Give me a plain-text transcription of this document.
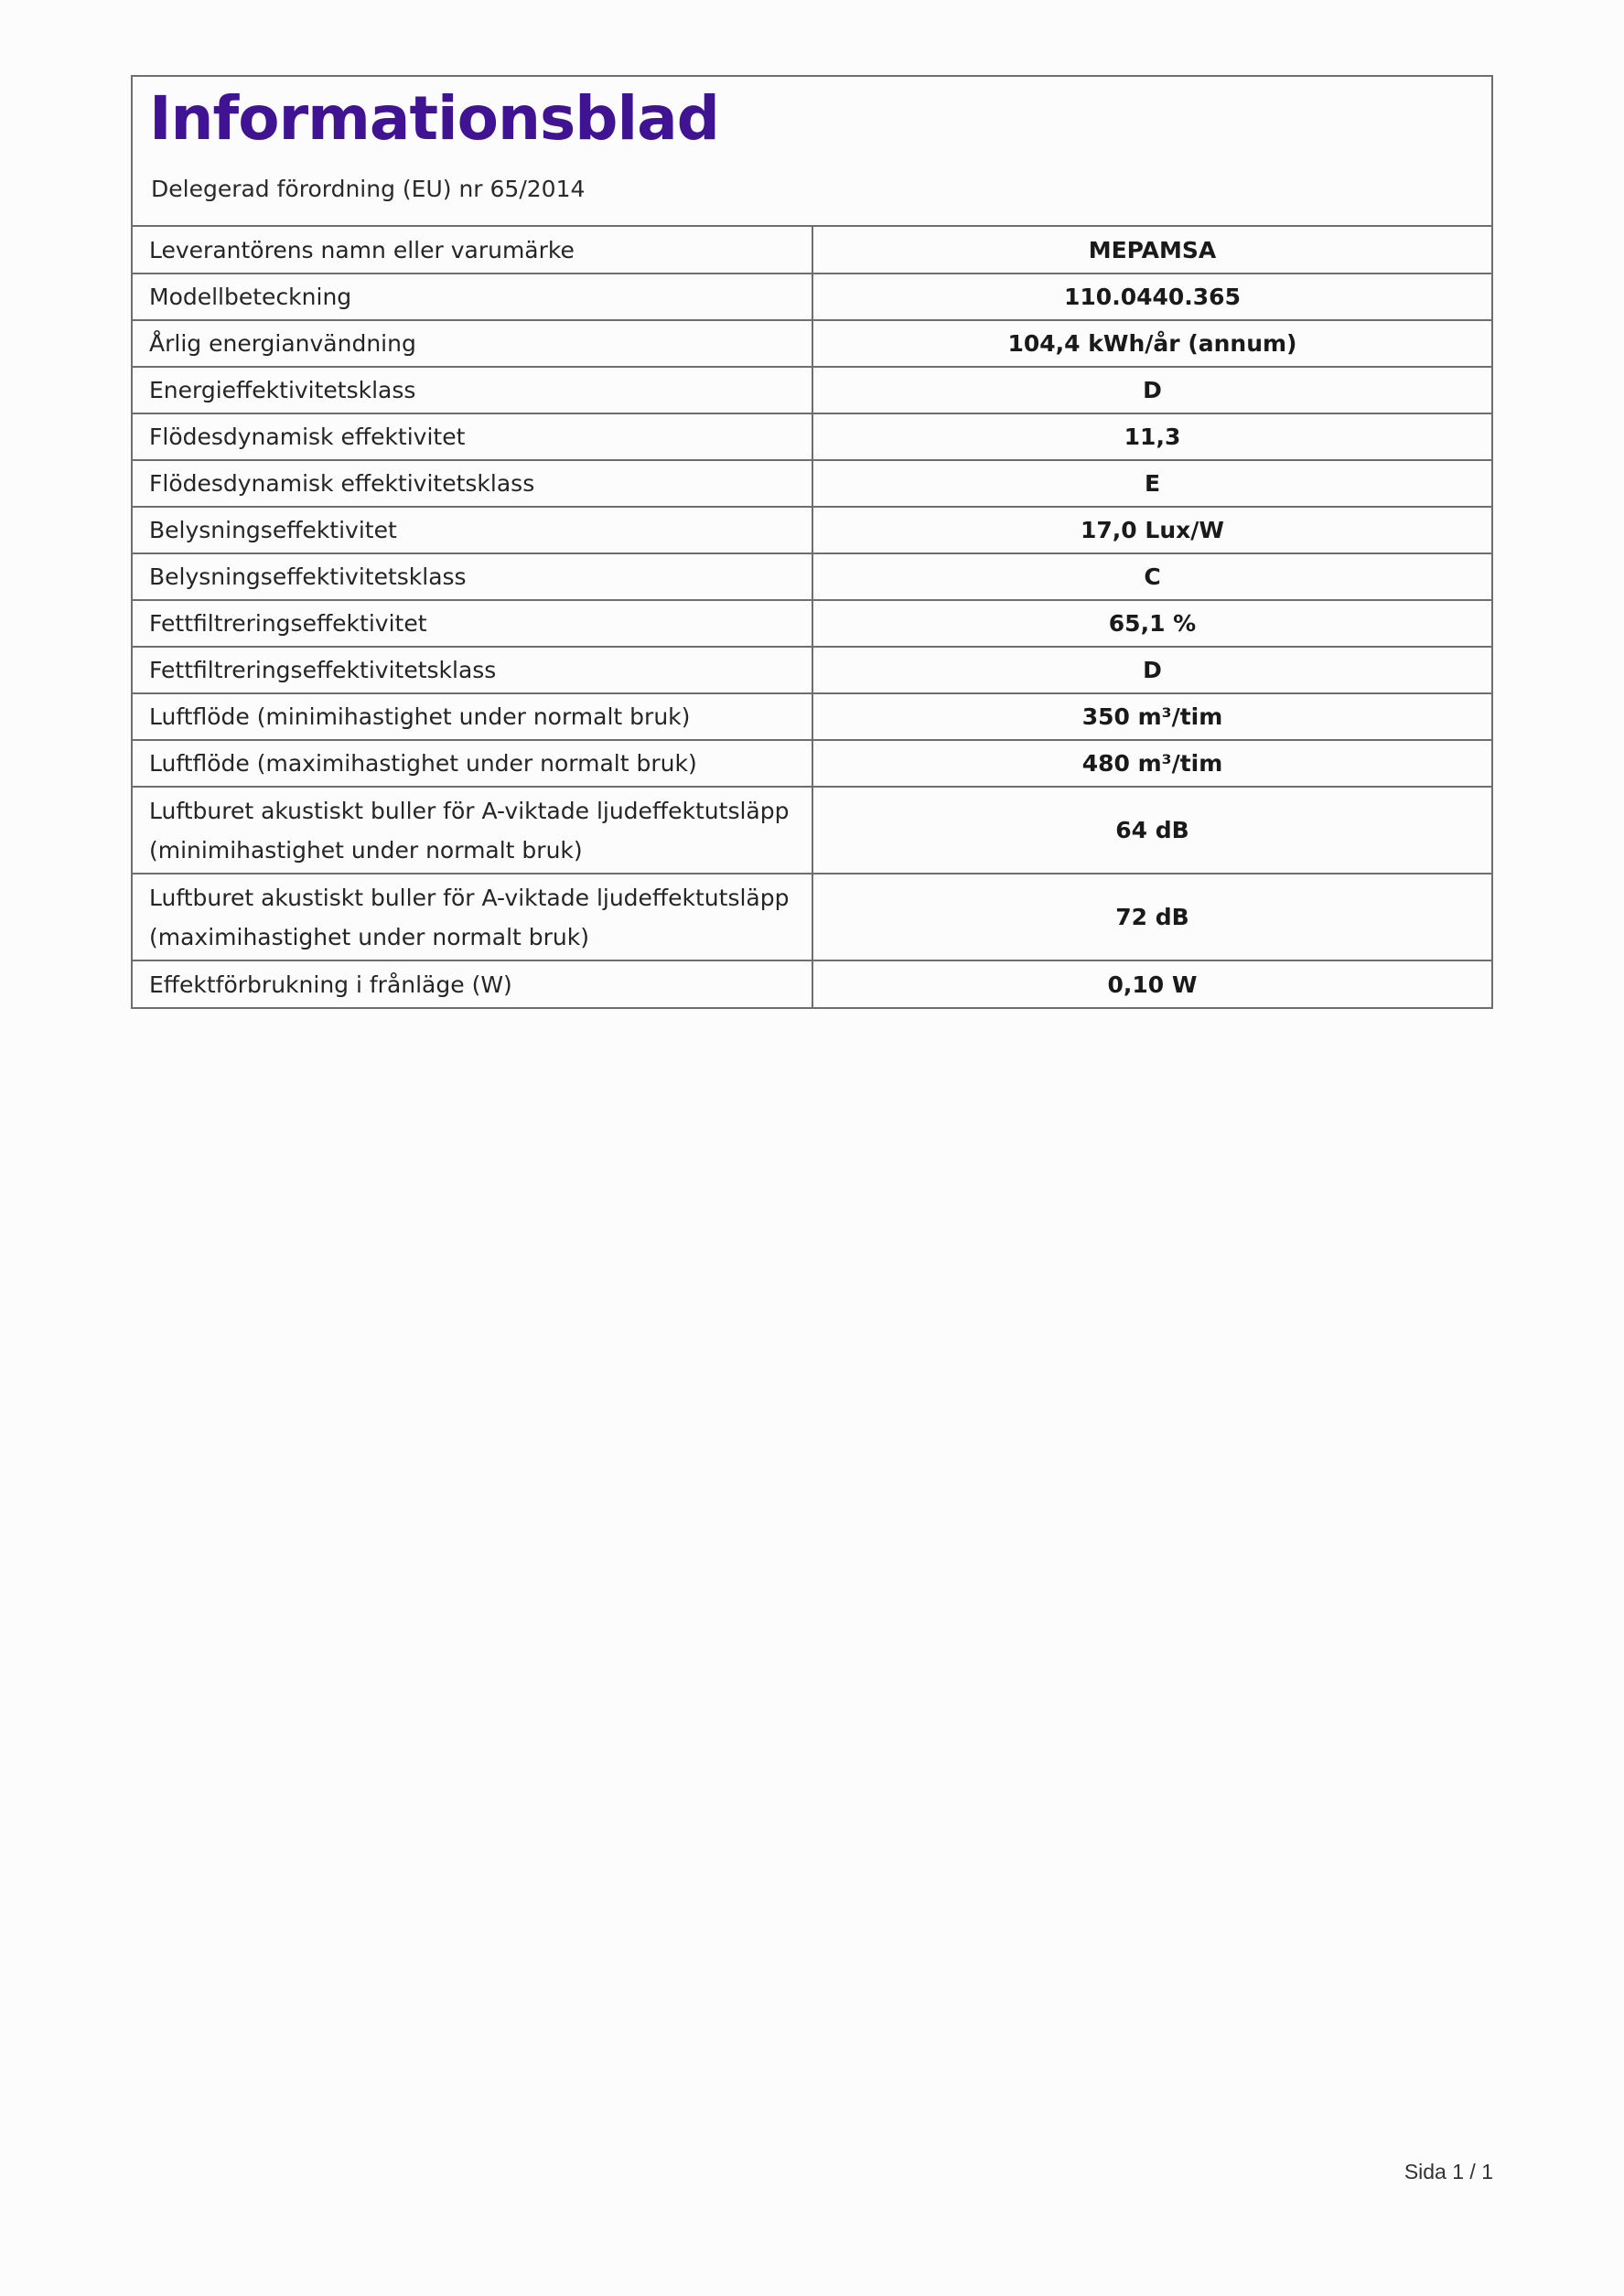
Informationsblad
Delegerad förordning (EU) nr 65/2014
Leverantörens namn eller varumärke	MEPAMSA
Modellbeteckning	110.0440.365
Årlig energianvändning	104,4 kWh/år (annum)
Energieffektivitetsklass	D
Flödesdynamisk effektivitet	11,3
Flödesdynamisk effektivitetsklass	E
Belysningseffektivitet	17,0 Lux/W
Belysningseffektivitetsklass	C
Fettfiltreringseffektivitet	65,1 %
Fettfiltreringseffektivitetsklass	D
Luftflöde (minimihastighet under normalt bruk)	350 m³/tim
Luftflöde (maximihastighet under normalt bruk)	480 m³/tim
Luftburet akustiskt buller för A-viktade ljudeffektutsläpp (minimihastighet under normalt bruk)	64 dB
Luftburet akustiskt buller för A-viktade ljudeffektutsläpp (maximihastighet under normalt bruk)	72 dB
Effektförbrukning i frånläge (W)	0,10 W
Sida 1 / 1
